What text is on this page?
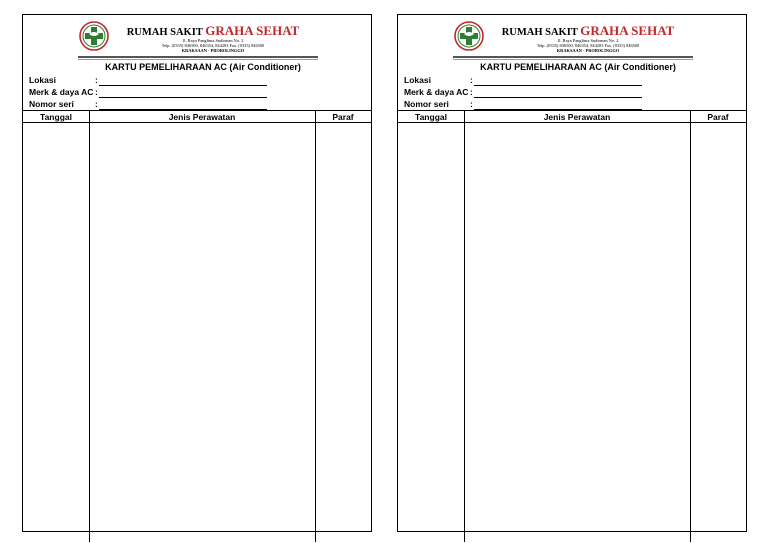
RUMAH SAKIT GRAHA SEHAT
Jl. Raya Panglima Sudirman No. 2
Telp. (0335) 846500, 846354, 844283 Fax. (0335) 846500
KRAKSAAN - PROBOLINGGO
KARTU PEMELIHARAAN AC (Air Conditioner)
Lokasi	:
Merk & daya AC :
Nomor seri :
Tanggal	Jenis Perawatan	Paraf
RUMAH SAKIT GRAHA SEHAT
Jl. Raya Panglima Sudirman No. 2
Telp. (0335) 846500, 846354, 844283 Fax. (0335) 846500
KRAKSAAN - PROBOLINGGO
KARTU PEMELIHARAAN AC (Air Conditioner)
Lokasi	:
Merk & daya AC :
Nomor seri :
Tanggal	Jenis Perawatan	Paraf
